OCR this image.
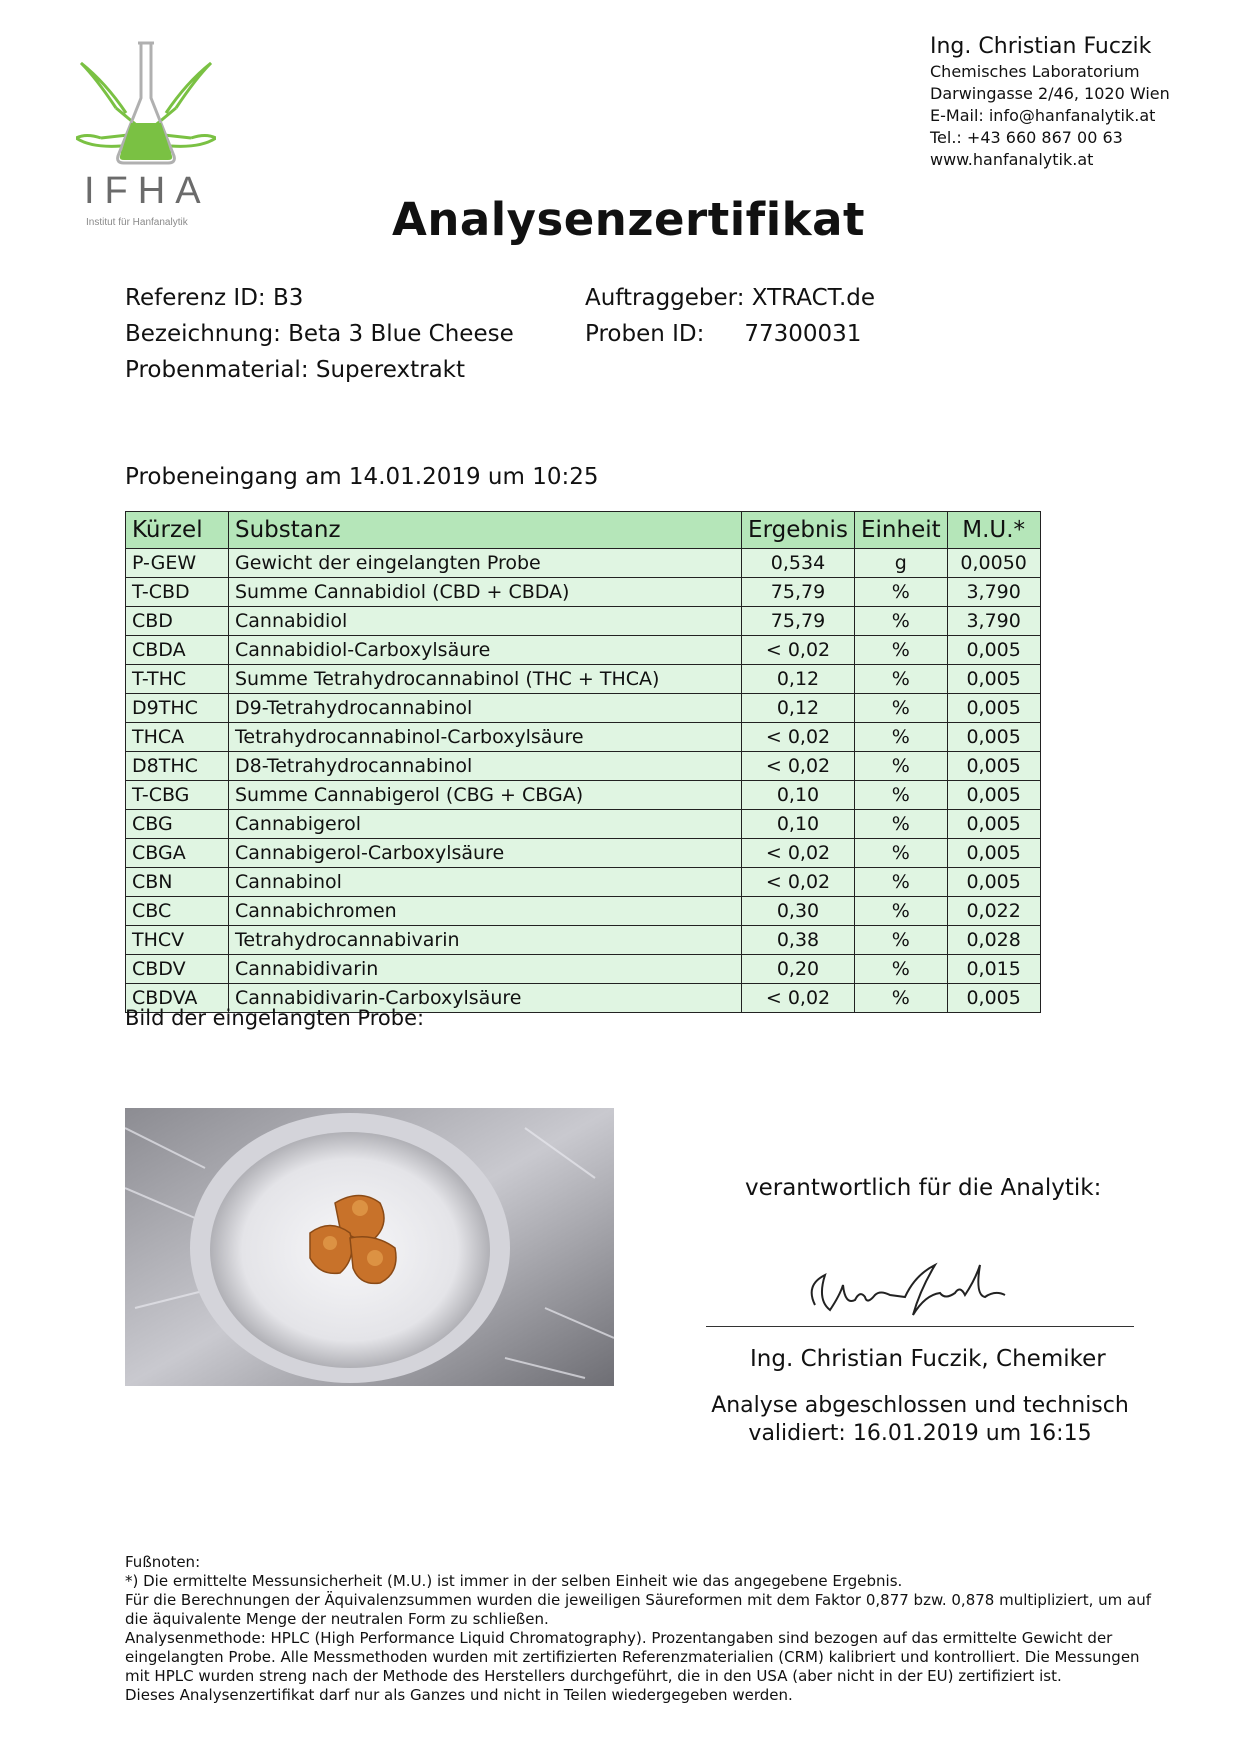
IFHA
Institut für Hanfanalytik
Ing. Christian Fuczik
Chemisches Laboratorium
Darwingasse 2/46, 1020 Wien
E-Mail: info@hanfanalytik.at
Tel.: +43 660 867 00 63
www.hanfanalytik.at
Analysenzertifikat
Referenz ID: B3
Bezeichnung: Beta 3 Blue Cheese
Probenmaterial: Superextrakt
Auftraggeber: XTRACT.de
Proben ID: 77300031
Probeneingang am 14.01.2019 um 10:25
Kürzel	Substanz	Ergebnis	Einheit	M.U.*
P-GEW	Gewicht der eingelangten Probe	0,534	g	0,0050
T-CBD	Summe Cannabidiol (CBD + CBDA)	75,79	%	3,790
CBD	Cannabidiol	75,79	%	3,790
CBDA	Cannabidiol-Carboxylsäure	< 0,02	%	0,005
T-THC	Summe Tetrahydrocannabinol (THC + THCA)	0,12	%	0,005
D9THC	D9-Tetrahydrocannabinol	0,12	%	0,005
THCA	Tetrahydrocannabinol-Carboxylsäure	< 0,02	%	0,005
D8THC	D8-Tetrahydrocannabinol	< 0,02	%	0,005
T-CBG	Summe Cannabigerol (CBG + CBGA)	0,10	%	0,005
CBG	Cannabigerol	0,10	%	0,005
CBGA	Cannabigerol-Carboxylsäure	< 0,02	%	0,005
CBN	Cannabinol	< 0,02	%	0,005
CBC	Cannabichromen	0,30	%	0,022
THCV	Tetrahydrocannabivarin	0,38	%	0,028
CBDV	Cannabidivarin	0,20	%	0,015
CBDVA	Cannabidivarin-Carboxylsäure	< 0,02	%	0,005
Bild der eingelangten Probe:
verantwortlich für die Analytik:
Ing. Christian Fuczik, Chemiker
Analyse abgeschlossen und technisch validiert: 16.01.2019 um 16:15

Fußnoten:

*) Die ermittelte Messunsicherheit (M.U.) ist immer in der selben Einheit wie das angegebene Ergebnis.

Für die Berechnungen der Äquivalenzsummen wurden die jeweiligen Säureformen mit dem Faktor 0,877 bzw. 0,878 multipliziert, um auf die äquivalente Menge der neutralen Form zu schließen.

Analysenmethode: HPLC (High Performance Liquid Chromatography). Prozentangaben sind bezogen auf das ermittelte Gewicht der eingelangten Probe. Alle Messmethoden wurden mit zertifizierten Referenzmaterialien (CRM) kalibriert und kontrolliert. Die Messungen mit HPLC wurden streng nach der Methode des Herstellers durchgeführt, die in den USA (aber nicht in der EU) zertifiziert ist.

Dieses Analysenzertifikat darf nur als Ganzes und nicht in Teilen wiedergegeben werden.
